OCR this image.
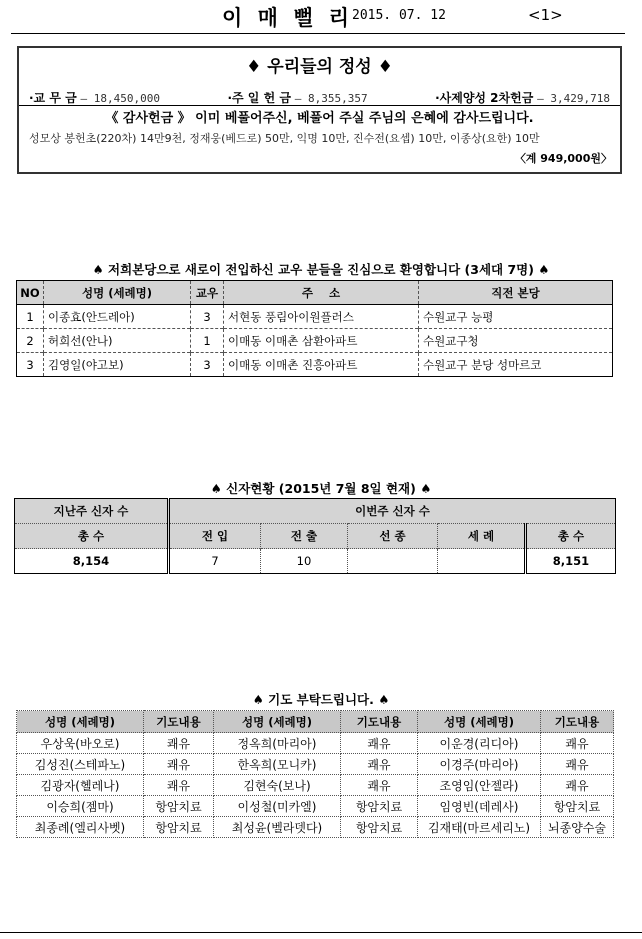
이 매 뻘 리
2015. 07. 12	<1>
♦ 우리들의 정성 ♦
·교 무 금 – 18,450,000	·주 일 헌 금 – 8,355,357	·사제양성 2차헌금 – 3,429,718
《 감사헌금 》 이미 베풀어주신, 베풀어 주실 주님의 은혜에 감사드립니다.
성모상 봉헌초(220차) 14만9천, 정재웅(베드로) 50만, 익명 10만, 진수전(요셉) 10만, 이종상(요한) 10만
〈계 949,000원〉
♠ 저희본당으로 새로이 전입하신 교우 분들을 진심으로 환영합니다 (3세대 7명) ♠
NO	성명 (세례명)	교우	주    소	직전 본당
1	이종효(안드레아)	3	서현동 풍림아이원플러스	수원교구 능평
2	허희선(안나)	1	이매동 이매촌 삼환아파트	수원교구청
3	김영일(야고보)	3	이매동 이매촌 진흥아파트	수원교구 분당 성마르코
♠ 신자현황 (2015년 7월 8일 현재) ♠
지난주 신자 수	이번주 신자 수				
총 수	전 입	전 출	선 종	세 례	총 수
8,154	7	10			8,151
♠ 기도 부탁드립니다. ♠
성명 (세례명)	기도내용	성명 (세례명)	기도내용	성명 (세례명)	기도내용
우상욱(바오로)	쾌유	정옥희(마리아)	쾌유	이운경(리디아)	쾌유
김성진(스테파노)	쾌유	한옥희(모니카)	쾌유	이경주(마리아)	쾌유
김광자(헬레나)	쾌유	김현숙(보나)	쾌유	조영임(안젤라)	쾌유
이승희(젬마)	항암치료	이성철(미카엘)	항암치료	임영빈(데레사)	항암치료
최종례(엘리사벳)	항암치료	최성윤(벨라뎃다)	항암치료	김재태(마르세리노)	뇌종양수술
